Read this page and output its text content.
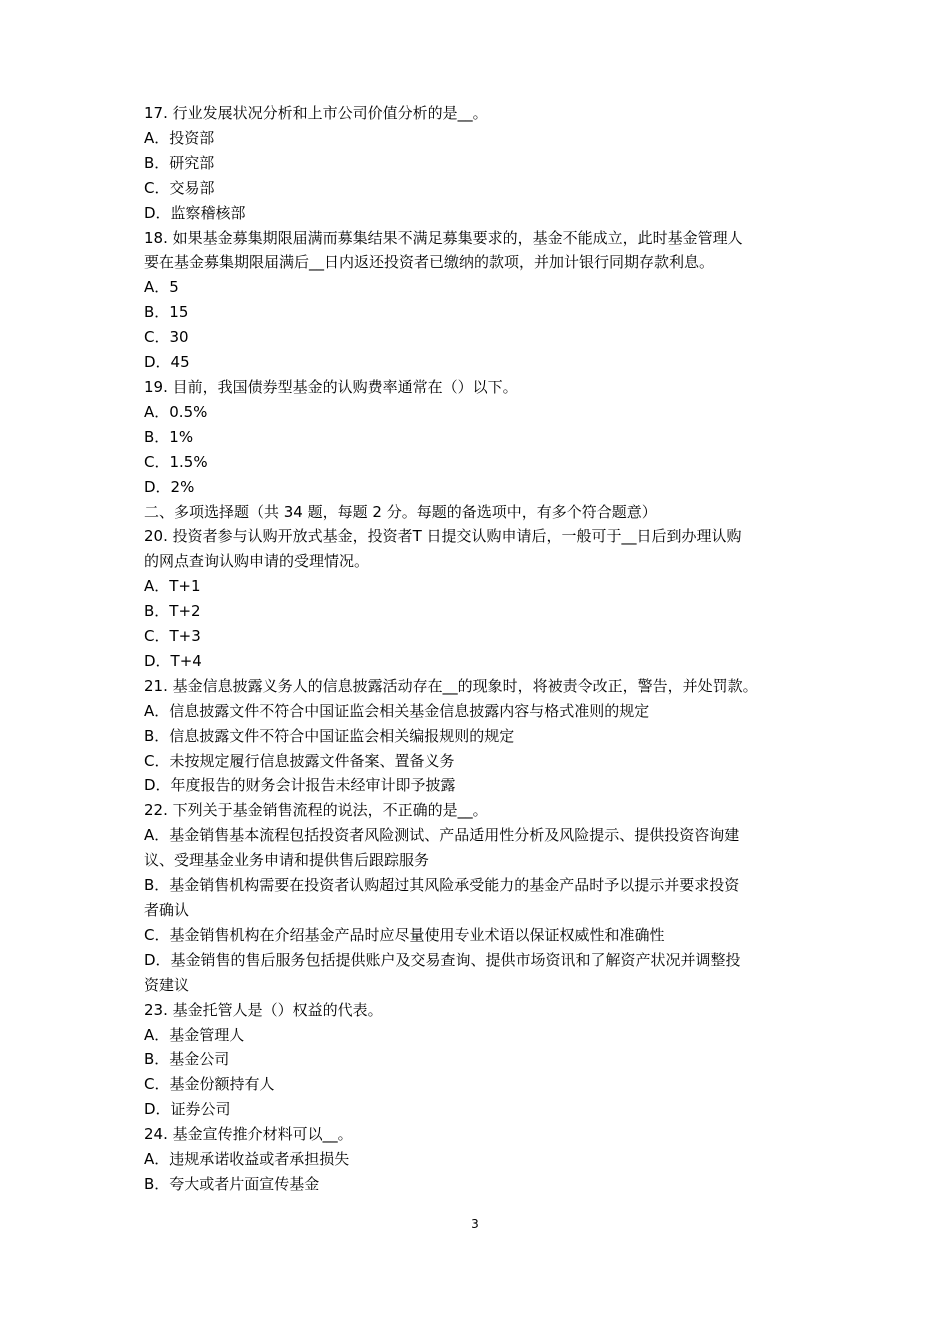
17. 行业发展状况分析和上市公司价值分析的是__。
A．投资部
B．研究部
C．交易部
D．监察稽核部
18. 如果基金募集期限届满而募集结果不满足募集要求的，基金不能成立，此时基金管理人
要在基金募集期限届满后__日内返还投资者已缴纳的款项，并加计银行同期存款利息。
A．5
B．15
C．30
D．45
19. 目前，我国债券型基金的认购费率通常在（）以下。
A．0.5%
B．1%
C．1.5%
D．2%
二、多项选择题（共 34 题，每题 2 分。每题的备选项中，有多个符合题意）
20. 投资者参与认购开放式基金，投资者T 日提交认购申请后，一般可于__日后到办理认购
的网点查询认购申请的受理情况。
A．T+1
B．T+2
C．T+3
D．T+4
21. 基金信息披露义务人的信息披露活动存在__的现象时，将被责令改正，警告，并处罚款。
A．信息披露文件不符合中国证监会相关基金信息披露内容与格式准则的规定
B．信息披露文件不符合中国证监会相关编报规则的规定
C．未按规定履行信息披露文件备案、置备义务
D．年度报告的财务会计报告未经审计即予披露
22. 下列关于基金销售流程的说法，不正确的是__。
A．基金销售基本流程包括投资者风险测试、产品适用性分析及风险提示、提供投资咨询建
议、受理基金业务申请和提供售后跟踪服务
B．基金销售机构需要在投资者认购超过其风险承受能力的基金产品时予以提示并要求投资
者确认
C．基金销售机构在介绍基金产品时应尽量使用专业术语以保证权威性和准确性
D．基金销售的售后服务包括提供账户及交易查询、提供市场资讯和了解资产状况并调整投
资建议
23. 基金托管人是（）权益的代表。
A．基金管理人
B．基金公司
C．基金份额持有人
D．证券公司
24. 基金宣传推介材料可以__。
A．违规承诺收益或者承担损失
B．夸大或者片面宣传基金
3
